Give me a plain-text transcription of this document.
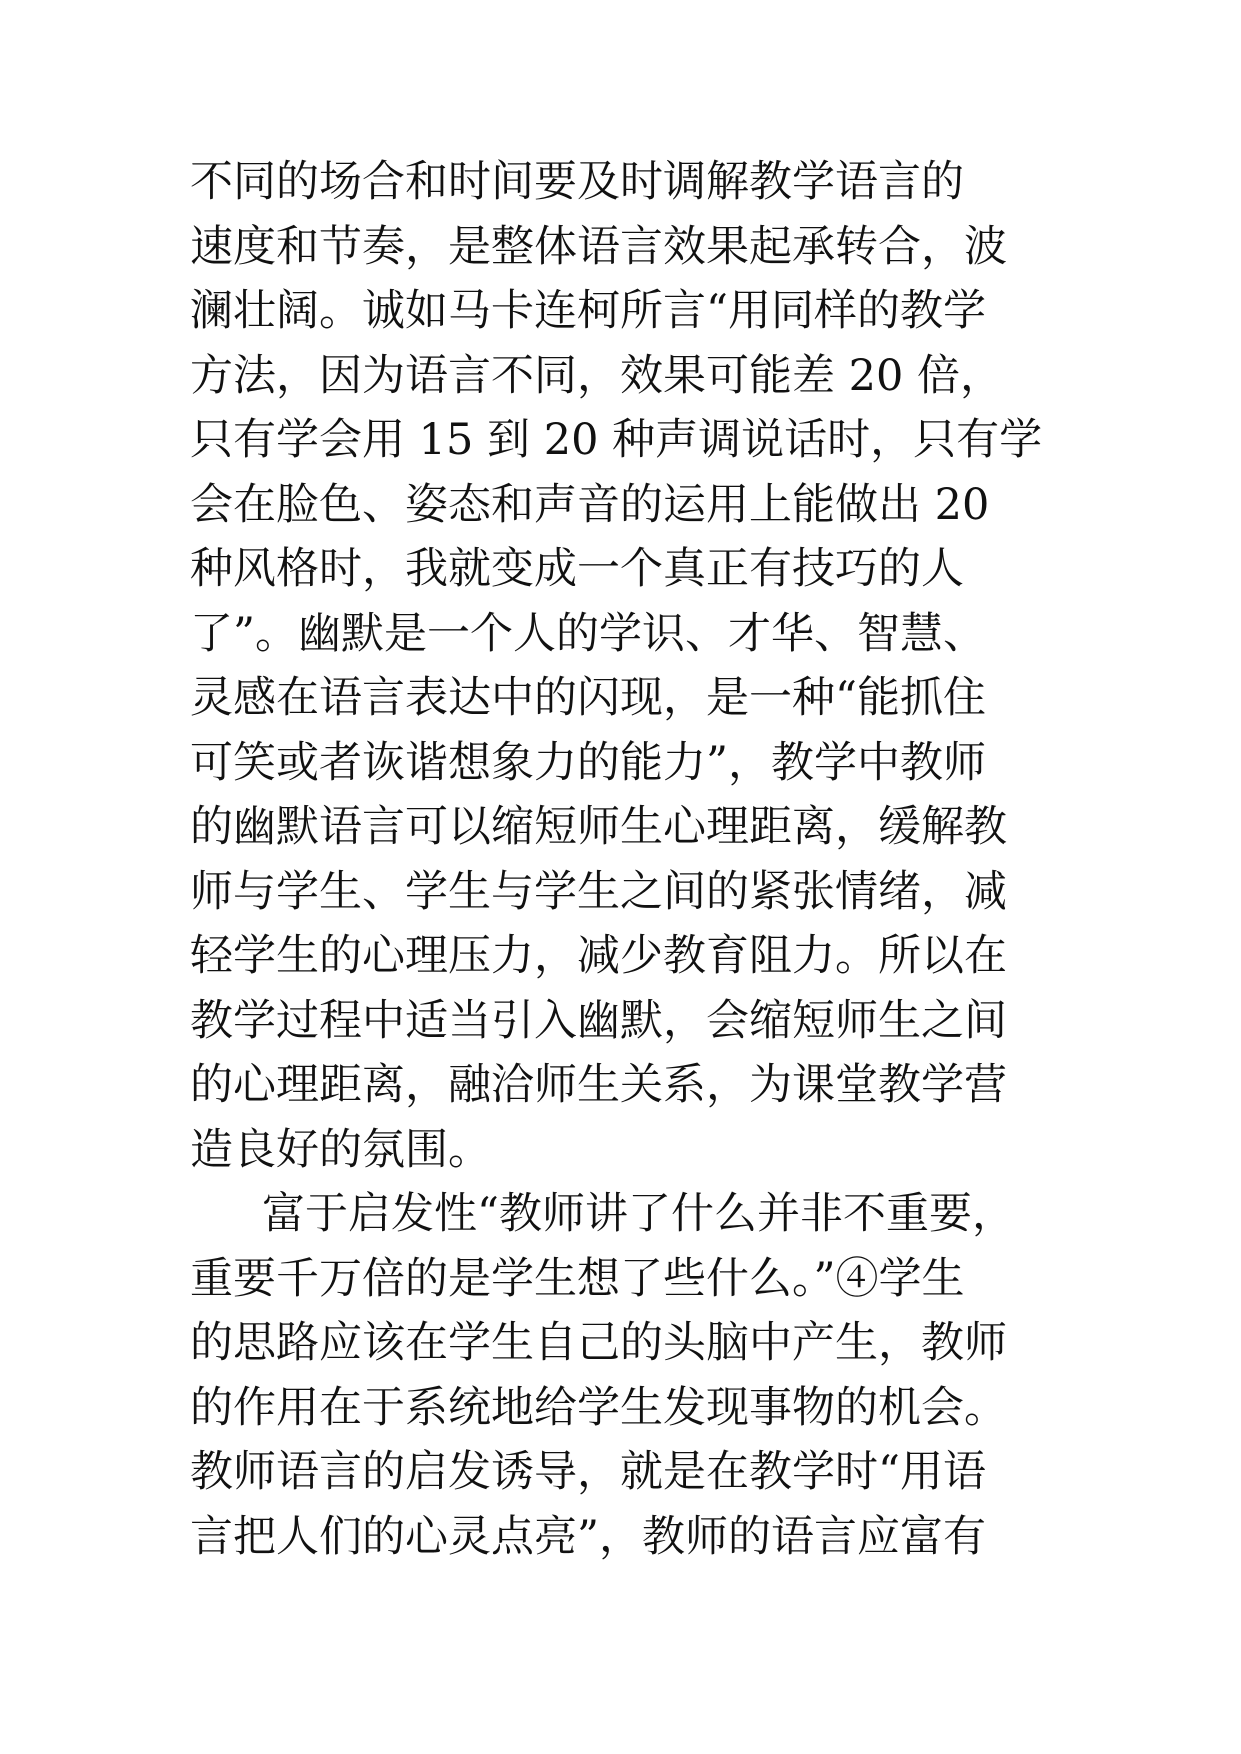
不同的场合和时间要及时调解教学语言的
速度和节奏，是整体语言效果起承转合，波
澜壮阔。诚如马卡连柯所言“用同样的教学
方法，因为语言不同，效果可能差 20 倍，
只有学会用 15 到 20 种声调说话时，只有学
会在脸色、姿态和声音的运用上能做出 20
种风格时，我就变成一个真正有技巧的人
了”。幽默是一个人的学识、才华、智慧、
灵感在语言表达中的闪现，是一种“能抓住
可笑或者诙谐想象力的能力”，教学中教师
的幽默语言可以缩短师生心理距离，缓解教
师与学生、学生与学生之间的紧张情绪，减
轻学生的心理压力，减少教育阻力。所以在
教学过程中适当引入幽默，会缩短师生之间
的心理距离，融洽师生关系，为课堂教学营
造良好的氛围。
富于启发性“教师讲了什么并非不重要，
重要千万倍的是学生想了些什么。”④学生
的思路应该在学生自己的头脑中产生，教师
的作用在于系统地给学生发现事物的机会。
教师语言的启发诱导，就是在教学时“用语
言把人们的心灵点亮”，教师的语言应富有
